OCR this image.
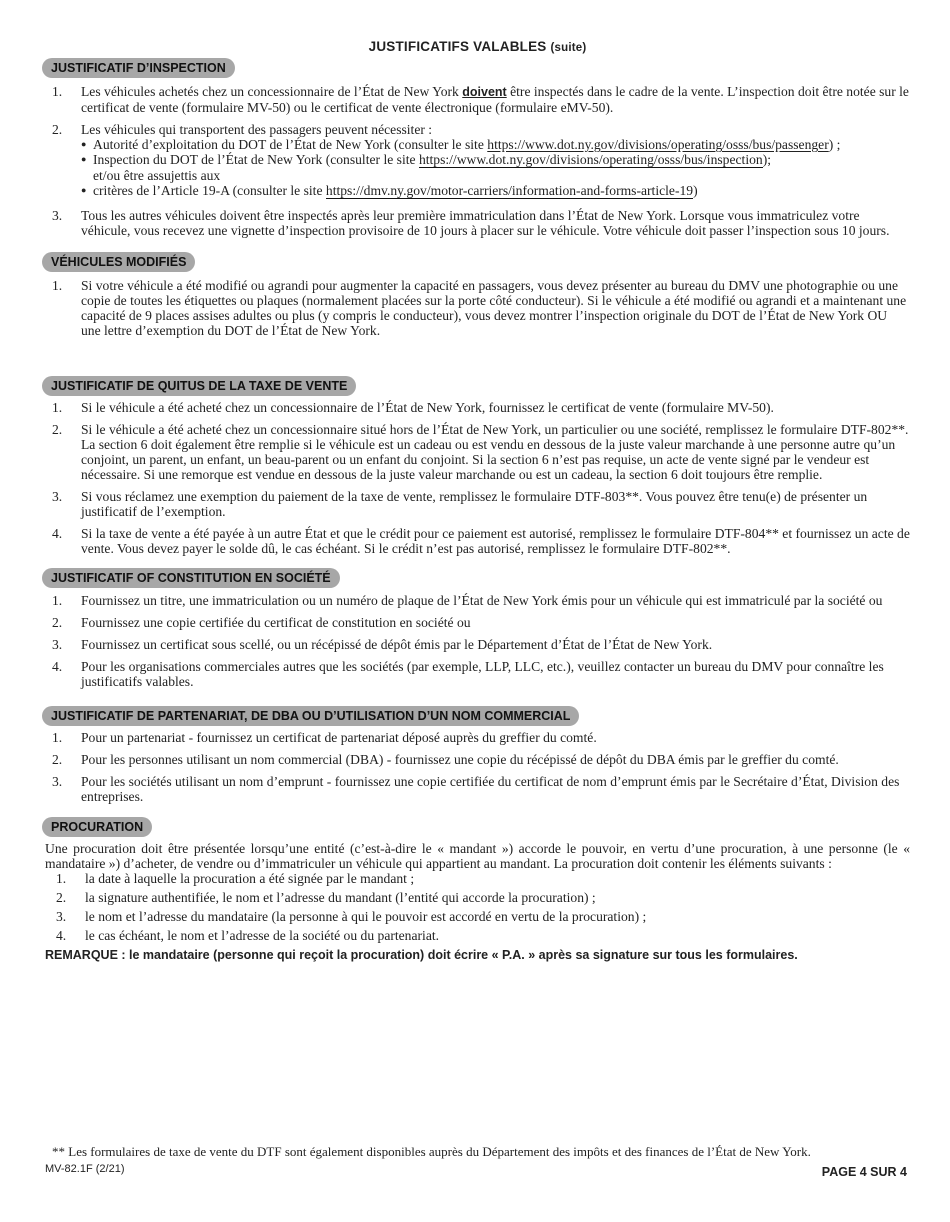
JUSTIFICATIFS VALABLES (suite)
JUSTIFICATIF D’INSPECTION
1. Les véhicules achetés chez un concessionnaire de l’État de New York doivent être inspectés dans le cadre de la vente. L’inspection doit être notée sur le certificat de vente (formulaire MV-50) ou le certificat de vente électronique (formulaire eMV-50).
2. Les véhicules qui transportent des passagers peuvent nécessiter :
● Autorité d’exploitation du DOT de l’État de New York (consulter le site https://www.dot.ny.gov/divisions/operating/osss/bus/passenger) ;
● Inspection du DOT de l’État de New York (consulter le site https://www.dot.ny.gov/divisions/operating/osss/bus/inspection);
et/ou être assujettis aux
● critères de l’Article 19-A (consulter le site https://dmv.ny.gov/motor-carriers/information-and-forms-article-19)
3. Tous les autres véhicules doivent être inspectés après leur première immatriculation dans l’État de New York. Lorsque vous immatriculez votre véhicule, vous recevez une vignette d’inspection provisoire de 10 jours à placer sur le véhicule. Votre véhicule doit passer l’inspection sous 10 jours.
VÉHICULES MODIFIÉS
1. Si votre véhicule a été modifié ou agrandi pour augmenter la capacité en passagers, vous devez présenter au bureau du DMV une photographie ou une copie de toutes les étiquettes ou plaques (normalement placées sur la porte côté conducteur). Si le véhicule a été modifié ou agrandi et a maintenant une capacité de 9 places assises adultes ou plus (y compris le conducteur), vous devez montrer l’inspection originale du DOT de l’État de New York OU une lettre d’exemption du DOT de l’État de New York.
JUSTIFICATIF DE QUITUS DE LA TAXE DE VENTE
1. Si le véhicule a été acheté chez un concessionnaire de l’État de New York, fournissez le certificat de vente (formulaire MV-50).
2. Si le véhicule a été acheté chez un concessionnaire situé hors de l’État de New York, un particulier ou une société, remplissez le formulaire DTF-802**. La section 6 doit également être remplie si le véhicule est un cadeau ou est vendu en dessous de la juste valeur marchande à une personne autre qu’un conjoint, un parent, un enfant, un beau-parent ou un enfant du conjoint. Si la section 6 n’est pas requise, un acte de vente signé par le vendeur est nécessaire. Si une remorque est vendue en dessous de la juste valeur marchande ou est un cadeau, la section 6 doit toujours être remplie.
3. Si vous réclamez une exemption du paiement de la taxe de vente, remplissez le formulaire DTF-803**. Vous pouvez être tenu(e) de présenter un justificatif de l’exemption.
4. Si la taxe de vente a été payée à un autre État et que le crédit pour ce paiement est autorisé, remplissez le formulaire DTF-804** et fournissez un acte de vente. Vous devez payer le solde dû, le cas échéant. Si le crédit n’est pas autorisé, remplissez le formulaire DTF-802**.
JUSTIFICATIF OF CONSTITUTION EN SOCIÉTÉ
1. Fournissez un titre, une immatriculation ou un numéro de plaque de l’État de New York émis pour un véhicule qui est immatriculé par la société ou
2. Fournissez une copie certifiée du certificat de constitution en société ou
3. Fournissez un certificat sous scellé, ou un récépissé de dépôt émis par le Département d’État de l’État de New York.
4. Pour les organisations commerciales autres que les sociétés (par exemple, LLP, LLC, etc.), veuillez contacter un bureau du DMV pour connaître les justificatifs valables.
JUSTIFICATIF DE PARTENARIAT, DE DBA OU D’UTILISATION D’UN NOM COMMERCIAL
1. Pour un partenariat - fournissez un certificat de partenariat déposé auprès du greffier du comté.
2. Pour les personnes utilisant un nom commercial (DBA) - fournissez une copie du récépissé de dépôt du DBA émis par le greffier du comté.
3. Pour les sociétés utilisant un nom d’emprunt - fournissez une copie certifiée du certificat de nom d’emprunt émis par le Secrétaire d’État, Division des entreprises.
PROCURATION

Une procuration doit être présentée lorsqu’une entité (c’est-à-dire le « mandant ») accorde le pouvoir, en vertu d’une procuration, à une personne (le « mandataire ») d’acheter, de vendre ou d’immatriculer un véhicule qui appartient au mandant. La procuration doit contenir les éléments suivants :

1. la date à laquelle la procuration a été signée par le mandant ;
2. la signature authentifiée, le nom et l’adresse du mandant (l’entité qui accorde la procuration) ;
3. le nom et l’adresse du mandataire (la personne à qui le pouvoir est accordé en vertu de la procuration) ;
4. le cas échéant, le nom et l’adresse de la société ou du partenariat.

REMARQUE : le mandataire (personne qui reçoit la procuration) doit écrire « P.A. » après sa signature sur tous les formulaires.

** Les formulaires de taxe de vente du DTF sont également disponibles auprès du Département des impôts et des finances de l’État de New York.
MV-82.1F (2/21)	PAGE 4 SUR 4
